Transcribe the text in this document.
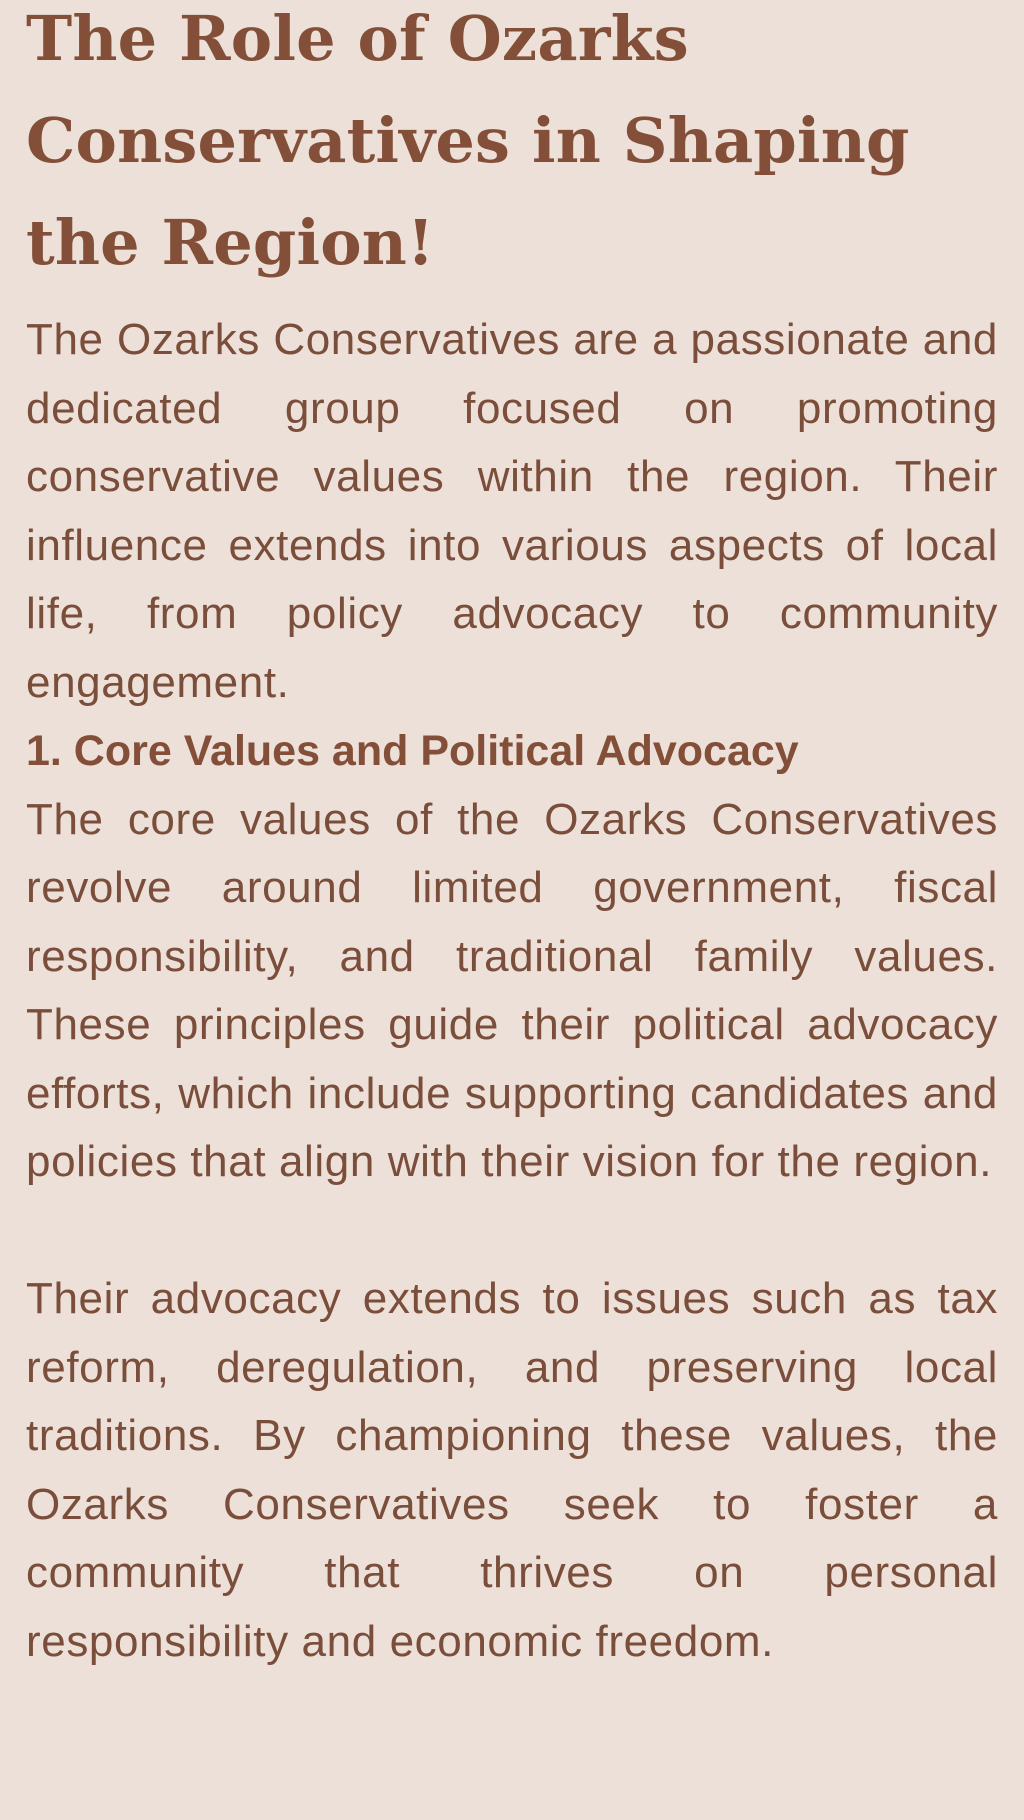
The Role of Ozarks Conservatives in Shaping the Region!

The Ozarks Conservatives are a passionate and dedicated group focused on promoting conservative values within the region. Their influence extends into various aspects of local life, from policy advocacy to community engagement.

1. Core Values and Political Advocacy

The core values of the Ozarks Conservatives revolve around limited government, fiscal responsibility, and traditional family values. These principles guide their political advocacy efforts, which include supporting candidates and policies that align with their vision for the region.

Their advocacy extends to issues such as tax reform, deregulation, and preserving local traditions. By championing these values, the Ozarks Conservatives seek to foster a community that thrives on personal responsibility and economic freedom.
